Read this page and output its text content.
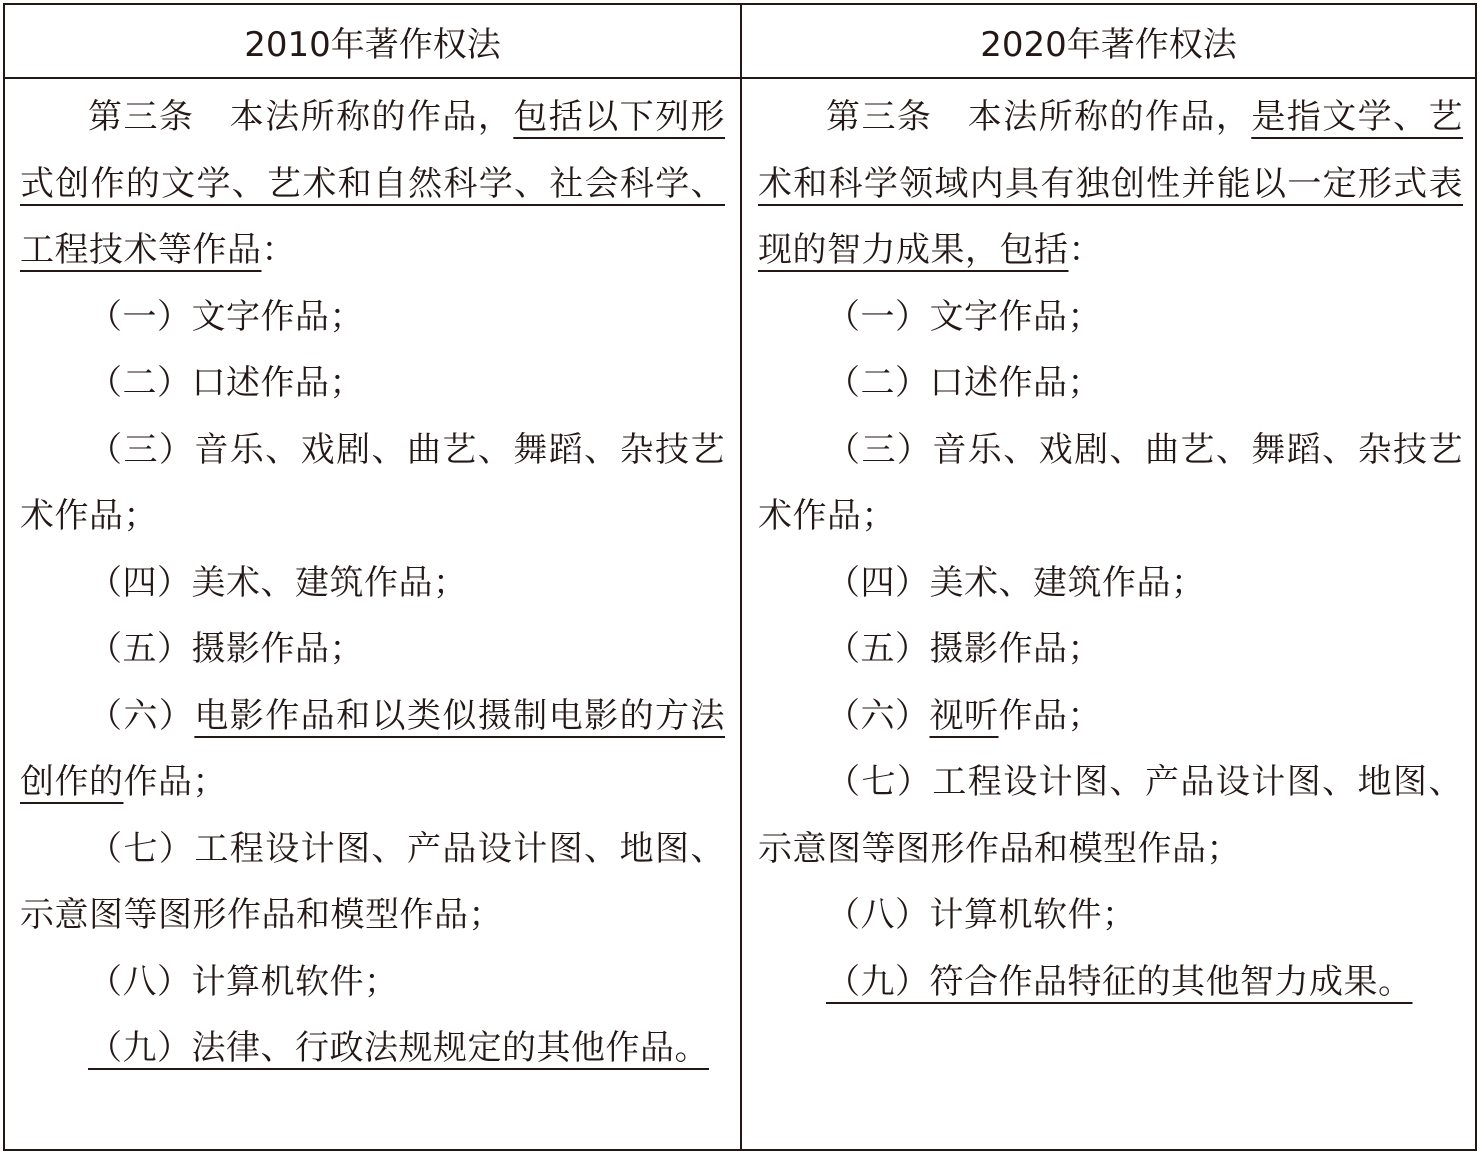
2010年著作权法	2020年著作权法

第三条　本法所称的作品，包括以下列形式创作的文学、艺术和自然科学、社会科学、工程技术等作品：

（一）文字作品；

（二）口述作品；

（三）音乐、戏剧、曲艺、舞蹈、杂技艺术作品；

（四）美术、建筑作品；

（五）摄影作品；

（六）电影作品和以类似摄制电影的方法创作的作品；

（七）工程设计图、产品设计图、地图、示意图等图形作品和模型作品；

（八）计算机软件；

（九）法律、行政法规规定的其他作品。

第三条　本法所称的作品，是指文学、艺术和科学领域内具有独创性并能以一定形式表现的智力成果，包括：

（一）文字作品；

（二）口述作品；

（三）音乐、戏剧、曲艺、舞蹈、杂技艺术作品；

（四）美术、建筑作品；

（五）摄影作品；

（六）视听作品；

（七）工程设计图、产品设计图、地图、示意图等图形作品和模型作品；

（八）计算机软件；

（九）符合作品特征的其他智力成果。
